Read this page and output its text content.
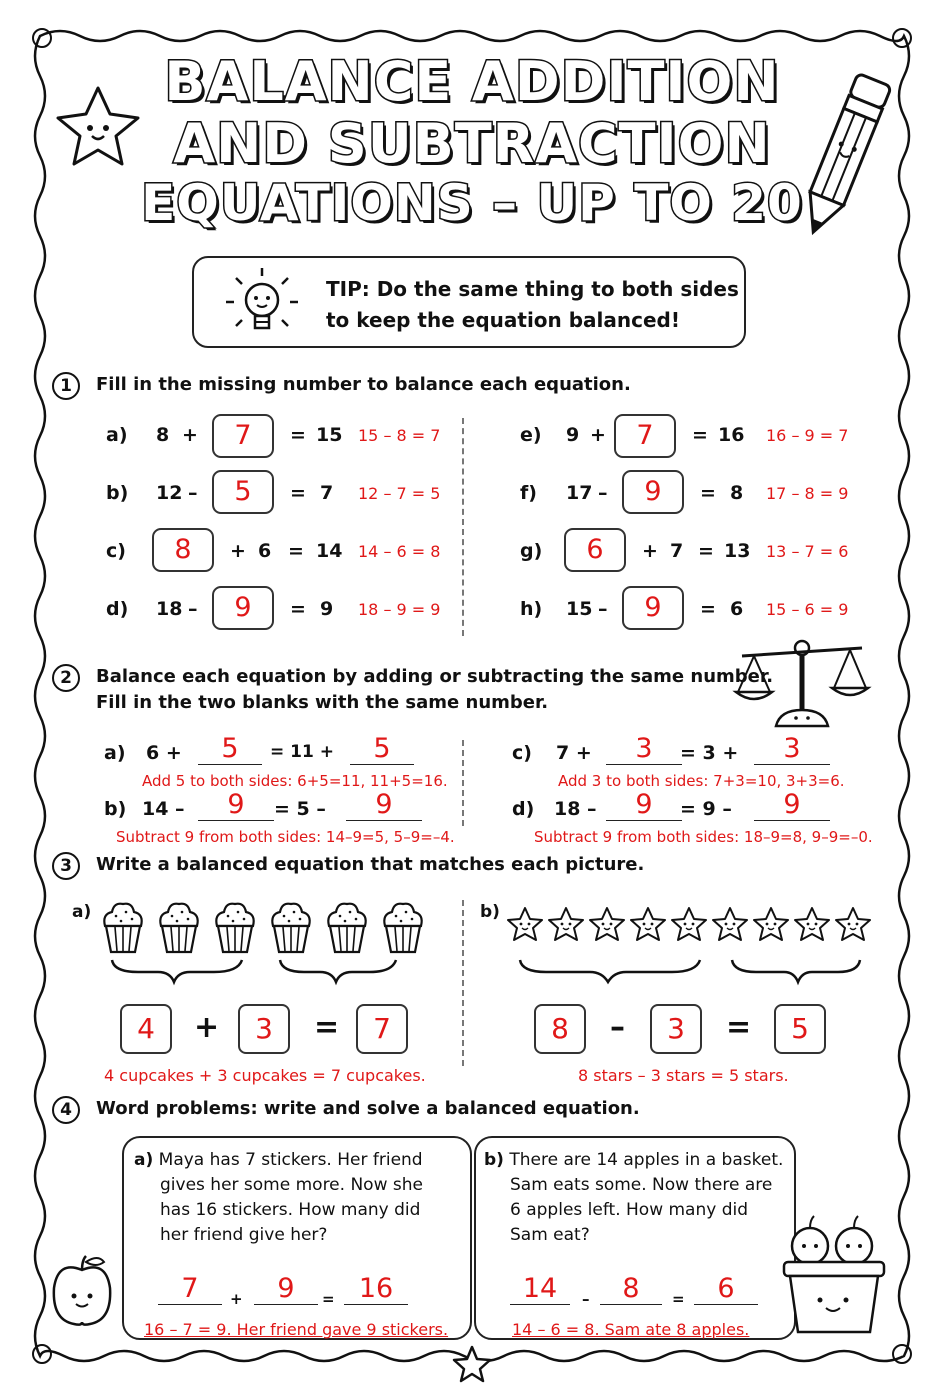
BALANCE ADDITION
AND SUBTRACTION
EQUATIONS – UP TO 20
TIP: Do the same thing to both sides
to keep the equation balanced!
1	Fill in the missing number to balance each equation.
a) 8 +	7	= 15 15 – 8 = 7
b) 12 –	5	= 7 12 – 7 = 5
c)	8	+ 6 = 14 14 – 6 = 8
d) 18 –	9	= 9 18 – 9 = 9
e) 9 +	7	= 16 16 – 9 = 7
f) 17 –	9	= 8 17 – 8 = 9
g)	6	+ 7 = 13 13 – 7 = 6
h) 15 –	9	= 6 15 – 6 = 9
2	Balance each equation by adding or subtracting the same number.
Fill in the two blanks with the same number.
a) 6 +	5	= 11 +	5
Add 5 to both sides: 6+5=11, 11+5=16.
b) 14 –	9	= 5 –	9
Subtract 9 from both sides: 14–9=5, 5–9=–4.
c) 7 +	3	= 3 +	3
Add 3 to both sides: 7+3=10, 3+3=6.
d) 18 –	9	= 9 –	9
Subtract 9 from both sides: 18–9=8, 9–9=–0.
3	Write a balanced equation that matches each picture.
a)
4	+	3	=	7
4 cupcakes + 3 cupcakes = 7 cupcakes.
b)
8	–	3	=	5
8 stars – 3 stars = 5 stars.
4	Word problems: write and solve a balanced equation.
a) Maya has 7 stickers. Her friend
gives her some more. Now she
has 16 stickers. How many did
her friend give her?
7	+	9	= 16
16 – 7 = 9. Her friend gave 9 stickers.
b) There are 14 apples in a basket.
Sam eats some. Now there are
6 apples left. How many did
Sam eat?
14	–	8	=	6
14 – 6 = 8. Sam ate 8 apples.
